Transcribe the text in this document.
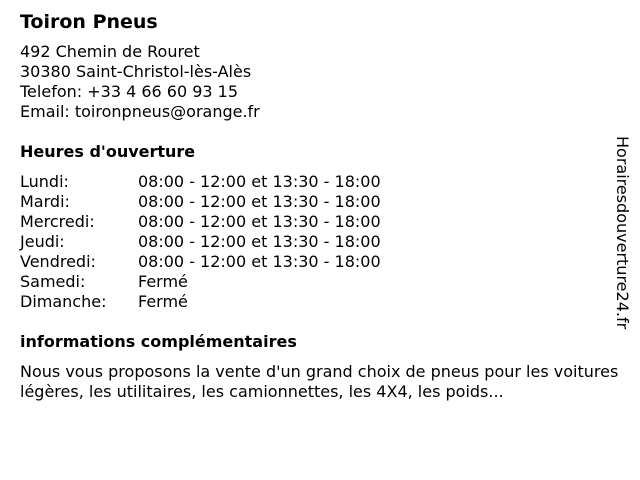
Toiron Pneus
492 Chemin de Rouret
30380 Saint-Christol-lès-Alès
Telefon: +33 4 66 60 93 15
Email: toironpneus@orange.fr
Heures d'ouverture
Lundi:	08:00 - 12:00 et 13:30 - 18:00
Mardi:	08:00 - 12:00 et 13:30 - 18:00
Mercredi:	08:00 - 12:00 et 13:30 - 18:00
Jeudi:	08:00 - 12:00 et 13:30 - 18:00
Vendredi:	08:00 - 12:00 et 13:30 - 18:00
Samedi:	Fermé
Dimanche:	Fermé
informations complémentaires
Nous vous proposons la vente d'un grand choix de pneus pour les voitures légères, les utilitaires, les camionnettes, les 4X4, les poids...
Horairesdouverture24.fr
